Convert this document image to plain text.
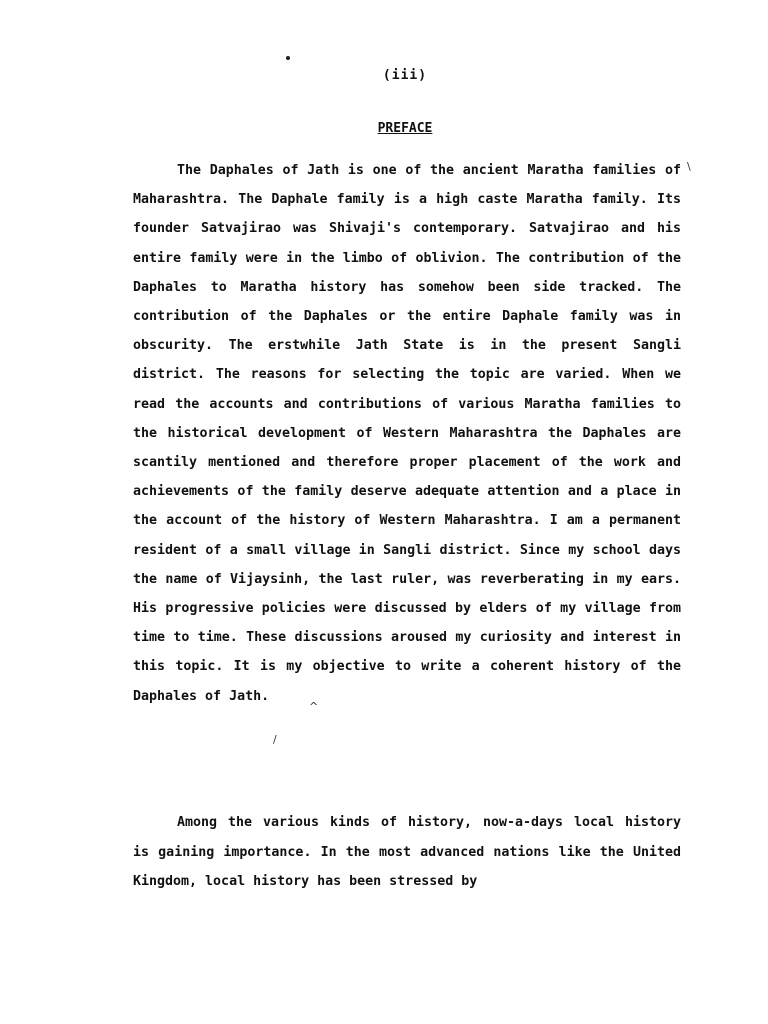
(iii)
PREFACE

The Daphales of Jath is one of the ancient Maratha families of Maharashtra. The Daphale family is a high caste Maratha family. Its founder Satvajirao was Shivaji's contemporary. Satvajirao and his entire family were in the limbo of oblivion. The contribution of the Daphales to Maratha history has somehow been side tracked. The contribution of the Daphales or the entire Daphale family was in obscurity. The erstwhile Jath State is in the present Sangli district. The reasons for selecting the topic are varied. When we read the accounts and contributions of various Maratha families to the historical development of Western Maharashtra the Daphales are scantily mentioned and therefore proper placement of the work and achievements of the family deserve adequate attention and a place in the account of the history of Western Maharashtra. I am a permanent resident of a small village in Sangli district. Since my school days the name of Vijaysinh, the last ruler, was reverberating in my ears. His progressive policies were discussed by elders of my village from time to time. These discussions aroused my curiosity and interest in this topic. It is my objective to write a coherent history of the Daphales of Jath.

\
^
/

Among the various kinds of history, now-a-days local history is gaining importance. In the most advanced nations like the United Kingdom, local history has been stressed by
